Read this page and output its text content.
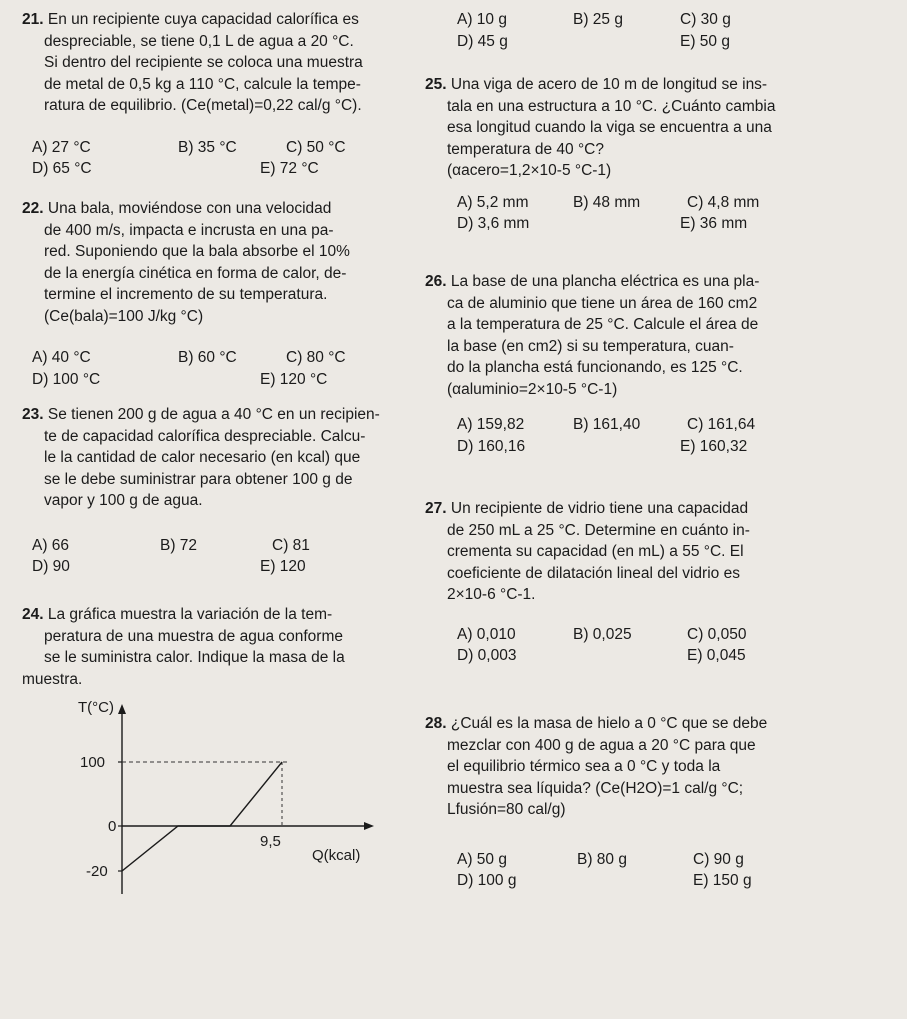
21. En un recipiente cuya capacidad calorífica es
despreciable, se tiene 0,1 L de agua a 20 °C.
Si dentro del recipiente se coloca una muestra
de metal de 0,5 kg a 110 °C, calcule la tempe-
ratura de equilibrio. (Ce(metal)=0,22 cal/g °C).
A) 27 °C	B) 35 °C	C) 50 °C
D) 65 °C	E) 72 °C
22. Una bala, moviéndose con una velocidad
de 400 m/s, impacta e incrusta en una pa-
red. Suponiendo que la bala absorbe el 10%
de la energía cinética en forma de calor, de-
termine el incremento de su temperatura.
(Ce(bala)=100 J/kg °C)
A) 40 °C	B) 60 °C	C) 80 °C
D) 100 °C	E) 120 °C
23. Se tienen 200 g de agua a 40 °C en un recipien-
te de capacidad calorífica despreciable. Calcu-
le la cantidad de calor necesario (en kcal) que
se le debe suministrar para obtener 100 g de
vapor y 100 g de agua.
A) 66	B) 72	C) 81
D) 90	E) 120
24. La gráfica muestra la variación de la tem-
peratura de una muestra de agua conforme
se le suministra calor. Indique la masa de la
muestra.
T(°C)
100
0
-20
9,5
Q(kcal)
A) 10 g	B) 25 g	C) 30 g
D) 45 g	E) 50 g
25. Una viga de acero de 10 m de longitud se ins-
tala en una estructura a 10 °C. ¿Cuánto cambia
esa longitud cuando la viga se encuentra a una
temperatura de 40 °C?
(αacero=1,2×10-5 °C-1)
A) 5,2 mm	B) 48 mm	C) 4,8 mm
D) 3,6 mm	E) 36 mm
26. La base de una plancha eléctrica es una pla-
ca de aluminio que tiene un área de 160 cm2
a la temperatura de 25 °C. Calcule el área de
la base (en cm2) si su temperatura, cuan-
do la plancha está funcionando, es 125 °C.
(αaluminio=2×10-5 °C-1)
A) 159,82	B) 161,40	C) 161,64
D) 160,16	E) 160,32
27. Un recipiente de vidrio tiene una capacidad
de 250 mL a 25 °C. Determine en cuánto in-
crementa su capacidad (en mL) a 55 °C. El
coeficiente de dilatación lineal del vidrio es
2×10-6 °C-1.
A) 0,010	B) 0,025	C) 0,050
D) 0,003	E) 0,045
28. ¿Cuál es la masa de hielo a 0 °C que se debe
mezclar con 400 g de agua a 20 °C para que
el equilibrio térmico sea a 0 °C y toda la
muestra sea líquida? (Ce(H2O)=1 cal/g °C;
Lfusión=80 cal/g)
A) 50 g	B) 80 g	C) 90 g
D) 100 g	E) 150 g
